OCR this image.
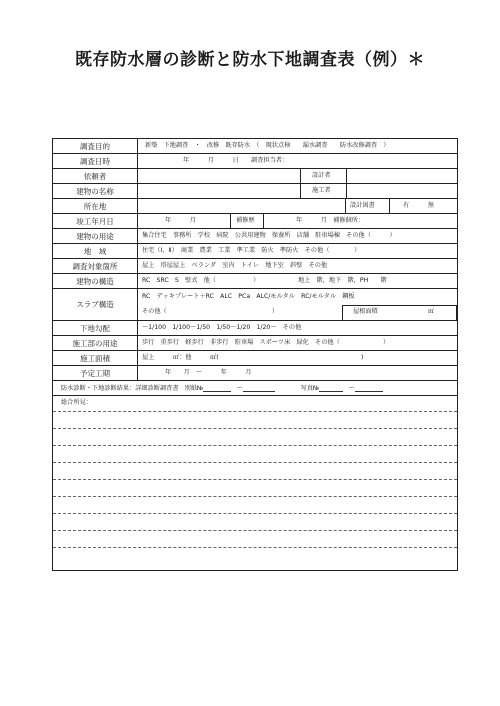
既存防水層の診断と防水下地調査表（例）＊
調査目的	新築　下地調査　・　改修　既存防水　（　現状点検　　漏水調査　　防水改修調査　）
調査日時	年　　　月　　　日　　調査担当者：
依頼者	設計者
建物の名称	施工者
所在地	設計図書	有　　　無
竣工年月日	年　　　月	補修歴	年　　　月　補修個所：
建物の用途	集合住宅　事務所　学校　病院　公共用建物　保養所　店舗　駐車場棟　その他（　　　）
地　域	住宅（Ⅰ，Ⅱ）　商業　農業　工業　準工業　防火　準防火　その他（　　　　）
調査対象箇所	屋上　塔屋屋上　ベランダ　室内　トイレ　地下室　斜壁　その他
建物の構造	RC　SRC　S　壁式　他（　　　　　　）	地上　階，地下　階，PH　　階
スラブ構造
RC　デッキプレート＋RC　ALC　PCa　ALC/モルタル　RC/モルタル　鋼板
その他（　　　　　　　　　　　　　　　　　）	屋根面積	㎡
下地勾配	～1/100　1/100～1/50　1/50～1/20　1/20～　その他
施工部の用途	歩行　重歩行　軽歩行　非歩行　駐車場　スポーツ床　緑化　その他（　　　　　　　）
施工面積	屋上　　　㎡：他　　　㎡(　　　　　　　　　　　　　　　　　　　　　　　)
予定工期	年　　月　～　　　年　　　月
防水診断・下地診断結果：詳細診断調査書 別紙№	～	写真№	～
総合所見：
